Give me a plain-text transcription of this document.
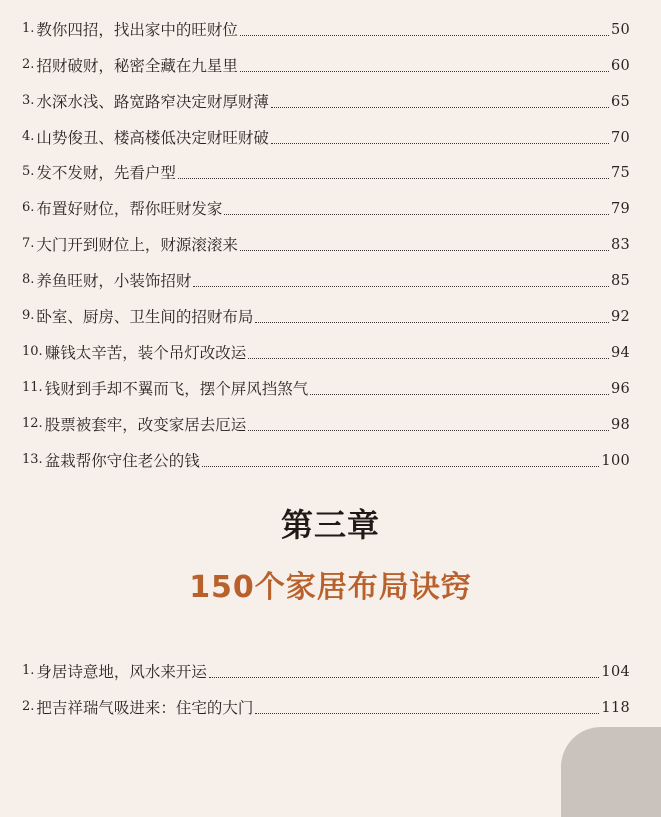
1. 教你四招，找出家中的旺财位	50
2. 招财破财，秘密全藏在九星里	60
3. 水深水浅、路宽路窄决定财厚财薄	65
4. 山势俊丑、楼高楼低决定财旺财破	70
5. 发不发财，先看户型	75
6. 布置好财位，帮你旺财发家	79
7. 大门开到财位上，财源滚滚来	83
8. 养鱼旺财，小装饰招财	85
9. 卧室、厨房、卫生间的招财布局	92
10. 赚钱太辛苦，装个吊灯改改运	94
11. 钱财到手却不翼而飞，摆个屏风挡煞气	96
12. 股票被套牢，改变家居去厄运	98
13. 盆栽帮你守住老公的钱	100
第三章
150个家居布局诀窍
1. 身居诗意地，风水来开运	104
2. 把吉祥瑞气吸进来：住宅的大门	118
